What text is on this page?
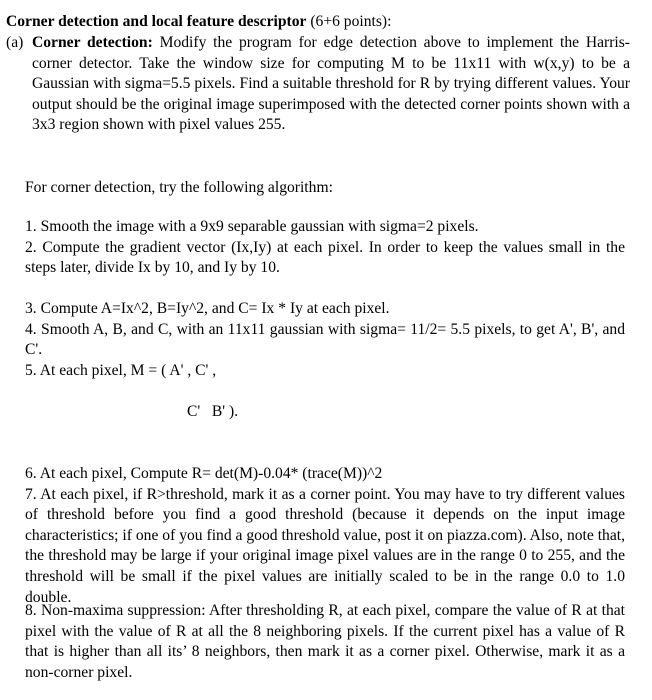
Corner detection and local feature descriptor (6+6 points):
(a) Corner detection: Modify the program for edge detection above to implement the Harris-corner detector. Take the window size for computing M to be 11x11 with w(x,y) to be a Gaussian with sigma=5.5 pixels. Find a suitable threshold for R by trying different values. Your output should be the original image superimposed with the detected corner points shown with a 3x3 region shown with pixel values 255.
For corner detection, try the following algorithm:
1. Smooth the image with a 9x9 separable gaussian with sigma=2 pixels.
2. Compute the gradient vector (Ix,Iy) at each pixel. In order to keep the values small in the steps later, divide Ix by 10, and Iy by 10.
3. Compute A=Ix^2, B=Iy^2, and C= Ix * Iy at each pixel.
4. Smooth A, B, and C, with an 11x11 gaussian with sigma= 11/2= 5.5 pixels, to get A', B', and C'.
5. At each pixel, M = ( A' , C' ,
C'   B' ).
6. At each pixel, Compute R= det(M)-0.04* (trace(M))^2
7. At each pixel, if R>threshold, mark it as a corner point. You may have to try different values of threshold before you find a good threshold (because it depends on the input image characteristics; if one of you find a good threshold value, post it on piazza.com). Also, note that, the threshold may be large if your original image pixel values are in the range 0 to 255, and the threshold will be small if the pixel values are initially scaled to be in the range 0.0 to 1.0 double.
8. Non-maxima suppression: After thresholding R, at each pixel, compare the value of R at that pixel with the value of R at all the 8 neighboring pixels. If the current pixel has a value of R that is higher than all its’ 8 neighbors, then mark it as a corner pixel. Otherwise, mark it as a non-corner pixel.
